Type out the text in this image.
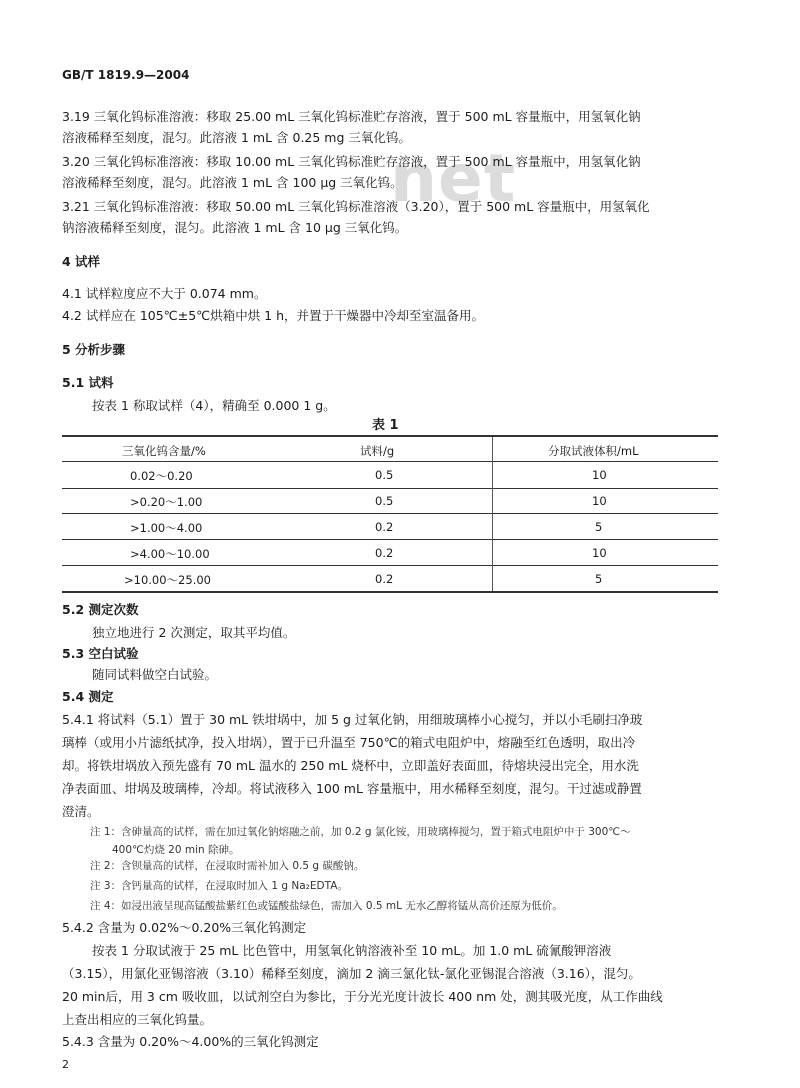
net
GB/T 1819.9—2004
3.19 三氧化钨标准溶液：移取 25.00 mL 三氧化钨标准贮存溶液，置于 500 mL 容量瓶中，用氢氧化钠
溶液稀释至刻度，混匀。此溶液 1 mL 含 0.25 mg 三氧化钨。
3.20 三氧化钨标准溶液：移取 10.00 mL 三氧化钨标准贮存溶液，置于 500 mL 容量瓶中，用氢氧化钠
溶液稀释至刻度，混匀。此溶液 1 mL 含 100 μg 三氧化钨。
3.21 三氧化钨标准溶液：移取 50.00 mL 三氧化钨标准溶液（3.20），置于 500 mL 容量瓶中，用氢氧化
钠溶液稀释至刻度，混匀。此溶液 1 mL 含 10 μg 三氧化钨。
4 试样
4.1 试样粒度应不大于 0.074 mm。
4.2 试样应在 105℃±5℃烘箱中烘 1 h，并置于干燥器中冷却至室温备用。
5 分析步骤
5.1 试料
按表 1 称取试样（4），精确至 0.000 1 g。
表 1
三氧化钨含量/%	试料/g	分取试液体积/mL
0.02～0.20	0.5	10
>0.20～1.00	0.5	10
>1.00～4.00	0.2	5
>4.00～10.00	0.2	10
>10.00～25.00	0.2	5
5.2 测定次数
独立地进行 2 次测定，取其平均值。
5.3 空白试验
随同试料做空白试验。
5.4 测定
5.4.1 将试料（5.1）置于 30 mL 铁坩埚中，加 5 g 过氧化钠，用细玻璃棒小心搅匀，并以小毛刷扫净玻
璃棒（或用小片滤纸拭净，投入坩埚），置于已升温至 750℃的箱式电阻炉中，熔融至红色透明，取出冷
却。将铁坩埚放入预先盛有 70 mL 温水的 250 mL 烧杯中，立即盖好表面皿，待熔块浸出完全，用水洗
净表面皿、坩埚及玻璃棒，冷却。将试液移入 100 mL 容量瓶中，用水稀释至刻度，混匀。干过滤或静置
澄清。
注 1：含砷量高的试样，需在加过氧化钠熔融之前，加 0.2 g 氯化铵，用玻璃棒搅匀，置于箱式电阻炉中于 300℃～
400℃灼烧 20 min 除砷。
注 2：含钡量高的试样，在浸取时需补加入 0.5 g 碳酸钠。
注 3：含钙量高的试样，在浸取时加入 1 g Na₂EDTA。
注 4：如浸出液呈现高锰酸盐紫红色或锰酸盐绿色，需加入 0.5 mL 无水乙醇将锰从高价还原为低价。
5.4.2 含量为 0.02%～0.20%三氧化钨测定
按表 1 分取试液于 25 mL 比色管中，用氢氧化钠溶液补至 10 mL。加 1.0 mL 硫氰酸钾溶液
（3.15），用氯化亚锡溶液（3.10）稀释至刻度，滴加 2 滴三氯化钛-氯化亚锡混合溶液（3.16），混匀。
20 min后，用 3 cm 吸收皿，以试剂空白为参比，于分光光度计波长 400 nm 处，测其吸光度，从工作曲线
上查出相应的三氧化钨量。
5.4.3 含量为 0.20%～4.00%的三氧化钨测定
2
